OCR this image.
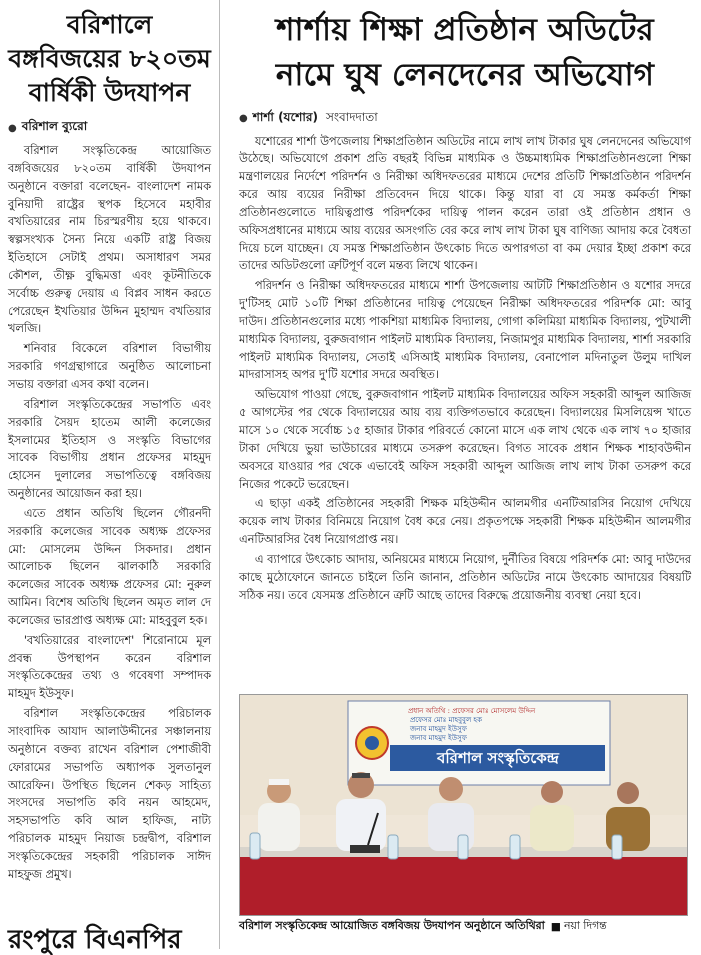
বরিশালে বঙ্গবিজয়ের ৮২০তম বার্ষিকী উদযাপন
● বরিশাল ব্যুরো

বরিশাল সংস্কৃতিকেন্দ্র আয়োজিত বঙ্গবিজয়ের ৮২০তম বার্ষিকী উদযাপন অনুষ্ঠানে বক্তারা বলেছেন- বাংলাদেশ নামক বুনিয়াদী রাষ্ট্রের স্থপক হিসেবে মহাবীর বখতিয়ারের নাম চিরস্মরণীয় হয়ে থাকবে। স্বল্পসংখ্যক সৈন্য নিয়ে একটি রাষ্ট্র বিজয় ইতিহাসে সেটাই প্রথম। অসাধারণ সমর কৌশল, তীক্ষ্ণ বুদ্ধিমত্তা এবং কূটনীতিকে সর্বোচ্চ গুরুত্ব দেয়ায় এ বিপ্লব সাধন করতে পেরেছেন ইখতিয়ার উদ্দিন মুহাম্মদ বখতিয়ার খলজি।

শনিবার বিকেলে বরিশাল বিভাগীয় সরকারি গণগ্রন্থাগারে অনুষ্ঠিত আলোচনা সভায় বক্তারা এসব কথা বলেন।

বরিশাল সংস্কৃতিকেন্দ্রের সভাপতি এবং সরকারি সৈয়দ হাতেম আলী কলেজের ইসলামের ইতিহাস ও সংস্কৃতি বিভাগের সাবেক বিভাগীয় প্রধান প্রফেসর মাহমুদ হোসেন দুলালের সভাপতিত্বে বঙ্গবিজয় অনুষ্ঠানের আয়োজন করা হয়।

এতে প্রধান অতিথি ছিলেন গৌরনদী সরকারি কলেজের সাবেক অধ্যক্ষ প্রফেসর মো: মোসলেম উদ্দিন সিকদার। প্রধান আলোচক ছিলেন ঝালকাঠি সরকারি কলেজের সাবেক অধ্যক্ষ প্রফেসর মো: নুরুল আমিন। বিশেষ অতিথি ছিলেন অমৃত লাল দে কলেজের ভারপ্রাপ্ত অধ্যক্ষ মো: মাহবুবুল হক।

'বখতিয়ারের বাংলাদেশ' শিরোনামে মূল প্রবন্ধ উপস্থাপন করেন বরিশাল সংস্কৃতিকেন্দ্রের তথ্য ও গবেষণা সম্পাদক মাহমুদ ইউসুফ।

বরিশাল সংস্কৃতিকেন্দ্রের পরিচালক সাংবাদিক আযাদ আলাউদ্দীনের সঞ্চালনায় অনুষ্ঠানে বক্তব্য রাখেন বরিশাল পেশাজীবী ফোরামের সভাপতি অধ্যাপক সুলতানুল আরেফিন। উপস্থিত ছিলেন শেকড় সাহিত্য সংসদের সভাপতি কবি নয়ন আহমেদ, সহসভাপতি কবি আল হাফিজ, নাট্য পরিচালক মাহমুদ নিয়াজ চন্দ্রদ্বীপ, বরিশাল সংস্কৃতিকেন্দ্রের সহকারী পরিচালক সাঈদ মাহফুজ প্রমুখ।

রংপুরে বিএনপির
শার্শায় শিক্ষা প্রতিষ্ঠান অডিটের
নামে ঘুষ লেনদেনের অভিযোগ
● শার্শা (যশোর) সংবাদদাতা

যশোরের শার্শা উপজেলায় শিক্ষাপ্রতিষ্ঠান অডিটের নামে লাখ লাখ টাকার ঘুষ লেনদেনের অভিযোগ উঠেছে। অভিযোগে প্রকাশ প্রতি বছরই বিভিন্ন মাধ্যমিক ও উচ্চমাধ্যমিক শিক্ষাপ্রতিষ্ঠানগুলো শিক্ষা মন্ত্রণালয়ের নির্দেশে পরিদর্শন ও নিরীক্ষা অধিদফতরের মাধ্যমে দেশের প্রতিটি শিক্ষাপ্রতিষ্ঠান পরিদর্শন করে আয় ব্যয়ের নিরীক্ষা প্রতিবেদন দিয়ে থাকে। কিন্তু যারা বা যে সমস্ত কর্মকর্তা শিক্ষা প্রতিষ্ঠানগুলোতে দায়িত্বপ্রাপ্ত পরিদর্শকের দায়িত্ব পালন করেন তারা ওই প্রতিষ্ঠান প্রধান ও অফিসপ্রধানের মাধ্যমে আয় ব্যয়ের অসংগতি বের করে লাখ লাখ টাকা ঘুষ বাণিজ্য আদায় করে বৈধতা দিয়ে চলে যাচ্ছেন। যে সমস্ত শিক্ষাপ্রতিষ্ঠান উৎকোচ দিতে অপারগতা বা কম দেয়ার ইচ্ছা প্রকাশ করে তাদের অডিটগুলো ত্রুটিপূর্ণ বলে মন্তব্য লিখে থাকেন।

পরিদর্শন ও নিরীক্ষা অধিদফতরের মাধ্যমে শার্শা উপজেলায় আটটি শিক্ষাপ্রতিষ্ঠান ও যশোর সদরে দু'টিসহ মোট ১০টি শিক্ষা প্রতিষ্ঠানের দায়িত্ব পেয়েছেন নিরীক্ষা অধিদফতরের পরিদর্শক মো: আবু দাউদ। প্রতিষ্ঠানগুলোর মধ্যে পাকশিয়া মাধ্যমিক বিদ্যালয়, গোগা কলিমিয়া মাধ্যমিক বিদ্যালয়, পুটখালী মাধ্যমিক বিদ্যালয়, বুরুজবাগান পাইলট মাধ্যমিক বিদ্যালয়, নিজামপুর মাধ্যমিক বিদ্যালয়, শার্শা সরকারি পাইলট মাধ্যমিক বিদ্যালয়, সেতাই এসিআই মাধ্যমিক বিদ্যালয়, বেনাপোল মদিনাতুল উলুম দাখিল মাদরাসাসহ অপর দু'টি যশোর সদরে অবস্থিত।

অভিযোগ পাওয়া গেছে, বুরুজবাগান পাইলট মাধ্যমিক বিদ্যালয়ের অফিস সহকারী আব্দুল আজিজ ৫ আগস্টের পর থেকে বিদ্যালয়ের আয় ব্যয় ব্যক্তিগতভাবে করেছেন। বিদ্যালয়ের মিসলিয়েন্স খাতে মাসে ১০ থেকে সর্বোচ্চ ১৫ হাজার টাকার পরিবর্তে কোনো মাসে এক লাখ থেকে এক লাখ ৭০ হাজার টাকা দেখিয়ে ভুয়া ভাউচারের মাধ্যমে তসরুপ করেছেন। বিগত সাবেক প্রধান শিক্ষক শাহাবউদ্দীন অবসরে যাওয়ার পর থেকে এভাবেই অফিস সহকারী আব্দুল আজিজ লাখ লাখ টাকা তসরুপ করে নিজের পকেটে ভরেছেন।

এ ছাড়া একই প্রতিষ্ঠানের সহকারী শিক্ষক মহিউদ্দীন আলমগীর এনটিআরসির নিয়োগ দেখিয়ে কয়েক লাখ টাকার বিনিময়ে নিয়োগ বৈধ করে নেয়। প্রকৃতপক্ষে সহকারী শিক্ষক মহিউদ্দীন আলমগীর এনটিআরসির বৈধ নিয়োগপ্রাপ্ত নয়।

এ ব্যাপারে উৎকোচ আদায়, অনিয়মের মাধ্যমে নিয়োগ, দুর্নীতির বিষয়ে পরিদর্শক মো: আবু দাউদের কাছে মুঠোফোনে জানতে চাইলে তিনি জানান, প্রতিষ্ঠান অডিটের নামে উৎকোচ আদায়ের বিষয়টি সঠিক নয়। তবে যেসমস্ত প্রতিষ্ঠানে ত্রুটি আছে তাদের বিরুদ্ধে প্রয়োজনীয় ব্যবস্থা নেয়া হবে।

বরিশাল সংস্কৃতিকেন্দ্র
প্রধান অতিথি : প্রফেসর মোঃ মোসলেম উদ্দিন
প্রফেসর মোঃ মাহবুবুল হক
জনাব মাহমুদ ইউসুফ
জনাব মাহমুদ ইউসুফ
বরিশাল সংস্কৃতিকেন্দ্র আয়োজিত বঙ্গবিজয় উদযাপন অনুষ্ঠানে অতিথিরা ■ নয়া দিগন্ত
